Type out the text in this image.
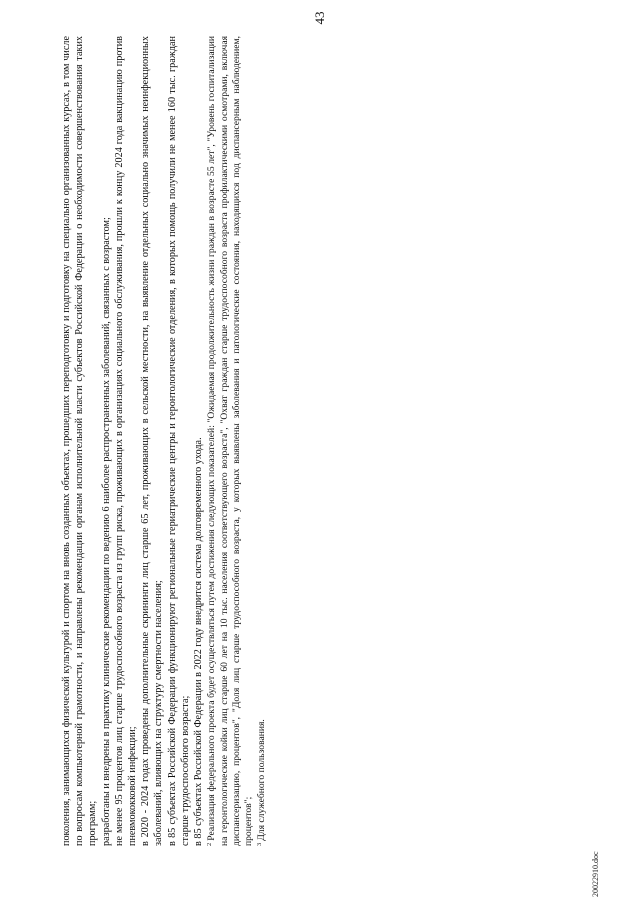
43

поколения, занимающихся физической культурой и спортом на вновь созданных объектах, прошедших переподготовку и подготовку на специально организованных курсах, в том числе по вопросам компьютерной грамотности, и направлены рекомендации органам исполнительной власти субъектов Российской Федерации о необходимости совершенствования таких программ; разработаны и внедрены в практику клинические рекомендации по ведению 6 наиболее распространенных заболеваний, связанных с возрастом; не менее 95 процентов лиц старше трудоспособного возраста из групп риска, проживающих в организациях социального обслуживания, прошли к концу 2024 года вакцинацию против пневмококковой инфекции; в 2020 - 2024 годах проведены дополнительные скрининги лиц старше 65 лет, проживающих в сельской местности, на выявление отдельных социально значимых неинфекционных заболеваний, влияющих на структуру смертности населения; в 85 субъектах Российской Федерации функционируют региональные гериатрические центры и геронтологические отделения, в которых помощь получили не менее 160 тыс. граждан старше трудоспособного возраста; в 85 субъектах Российской Федерации в 2022 году внедрится система долговременного ухода. $^2$Реализация федерального проекта будет осуществляться путем достижения следующих показателей: "Ожидаемая продолжительность жизни граждан в возрасте 55 лет", "Уровень госпитализации на геронтологические койки лиц старше 60 лет на 10 тыс. населения соответствующего возраста", "Охват граждан старше трудоспособного возраста профилактическими осмотрами, включая диспансеризацию, процентов", "Доля лиц старше трудоспособного возраста, у которых выявлены заболевания и патологические состояния, находящихся под диспансерным наблюдением, процентов"; $^3$Для служебного пользования.

20022910.doc
